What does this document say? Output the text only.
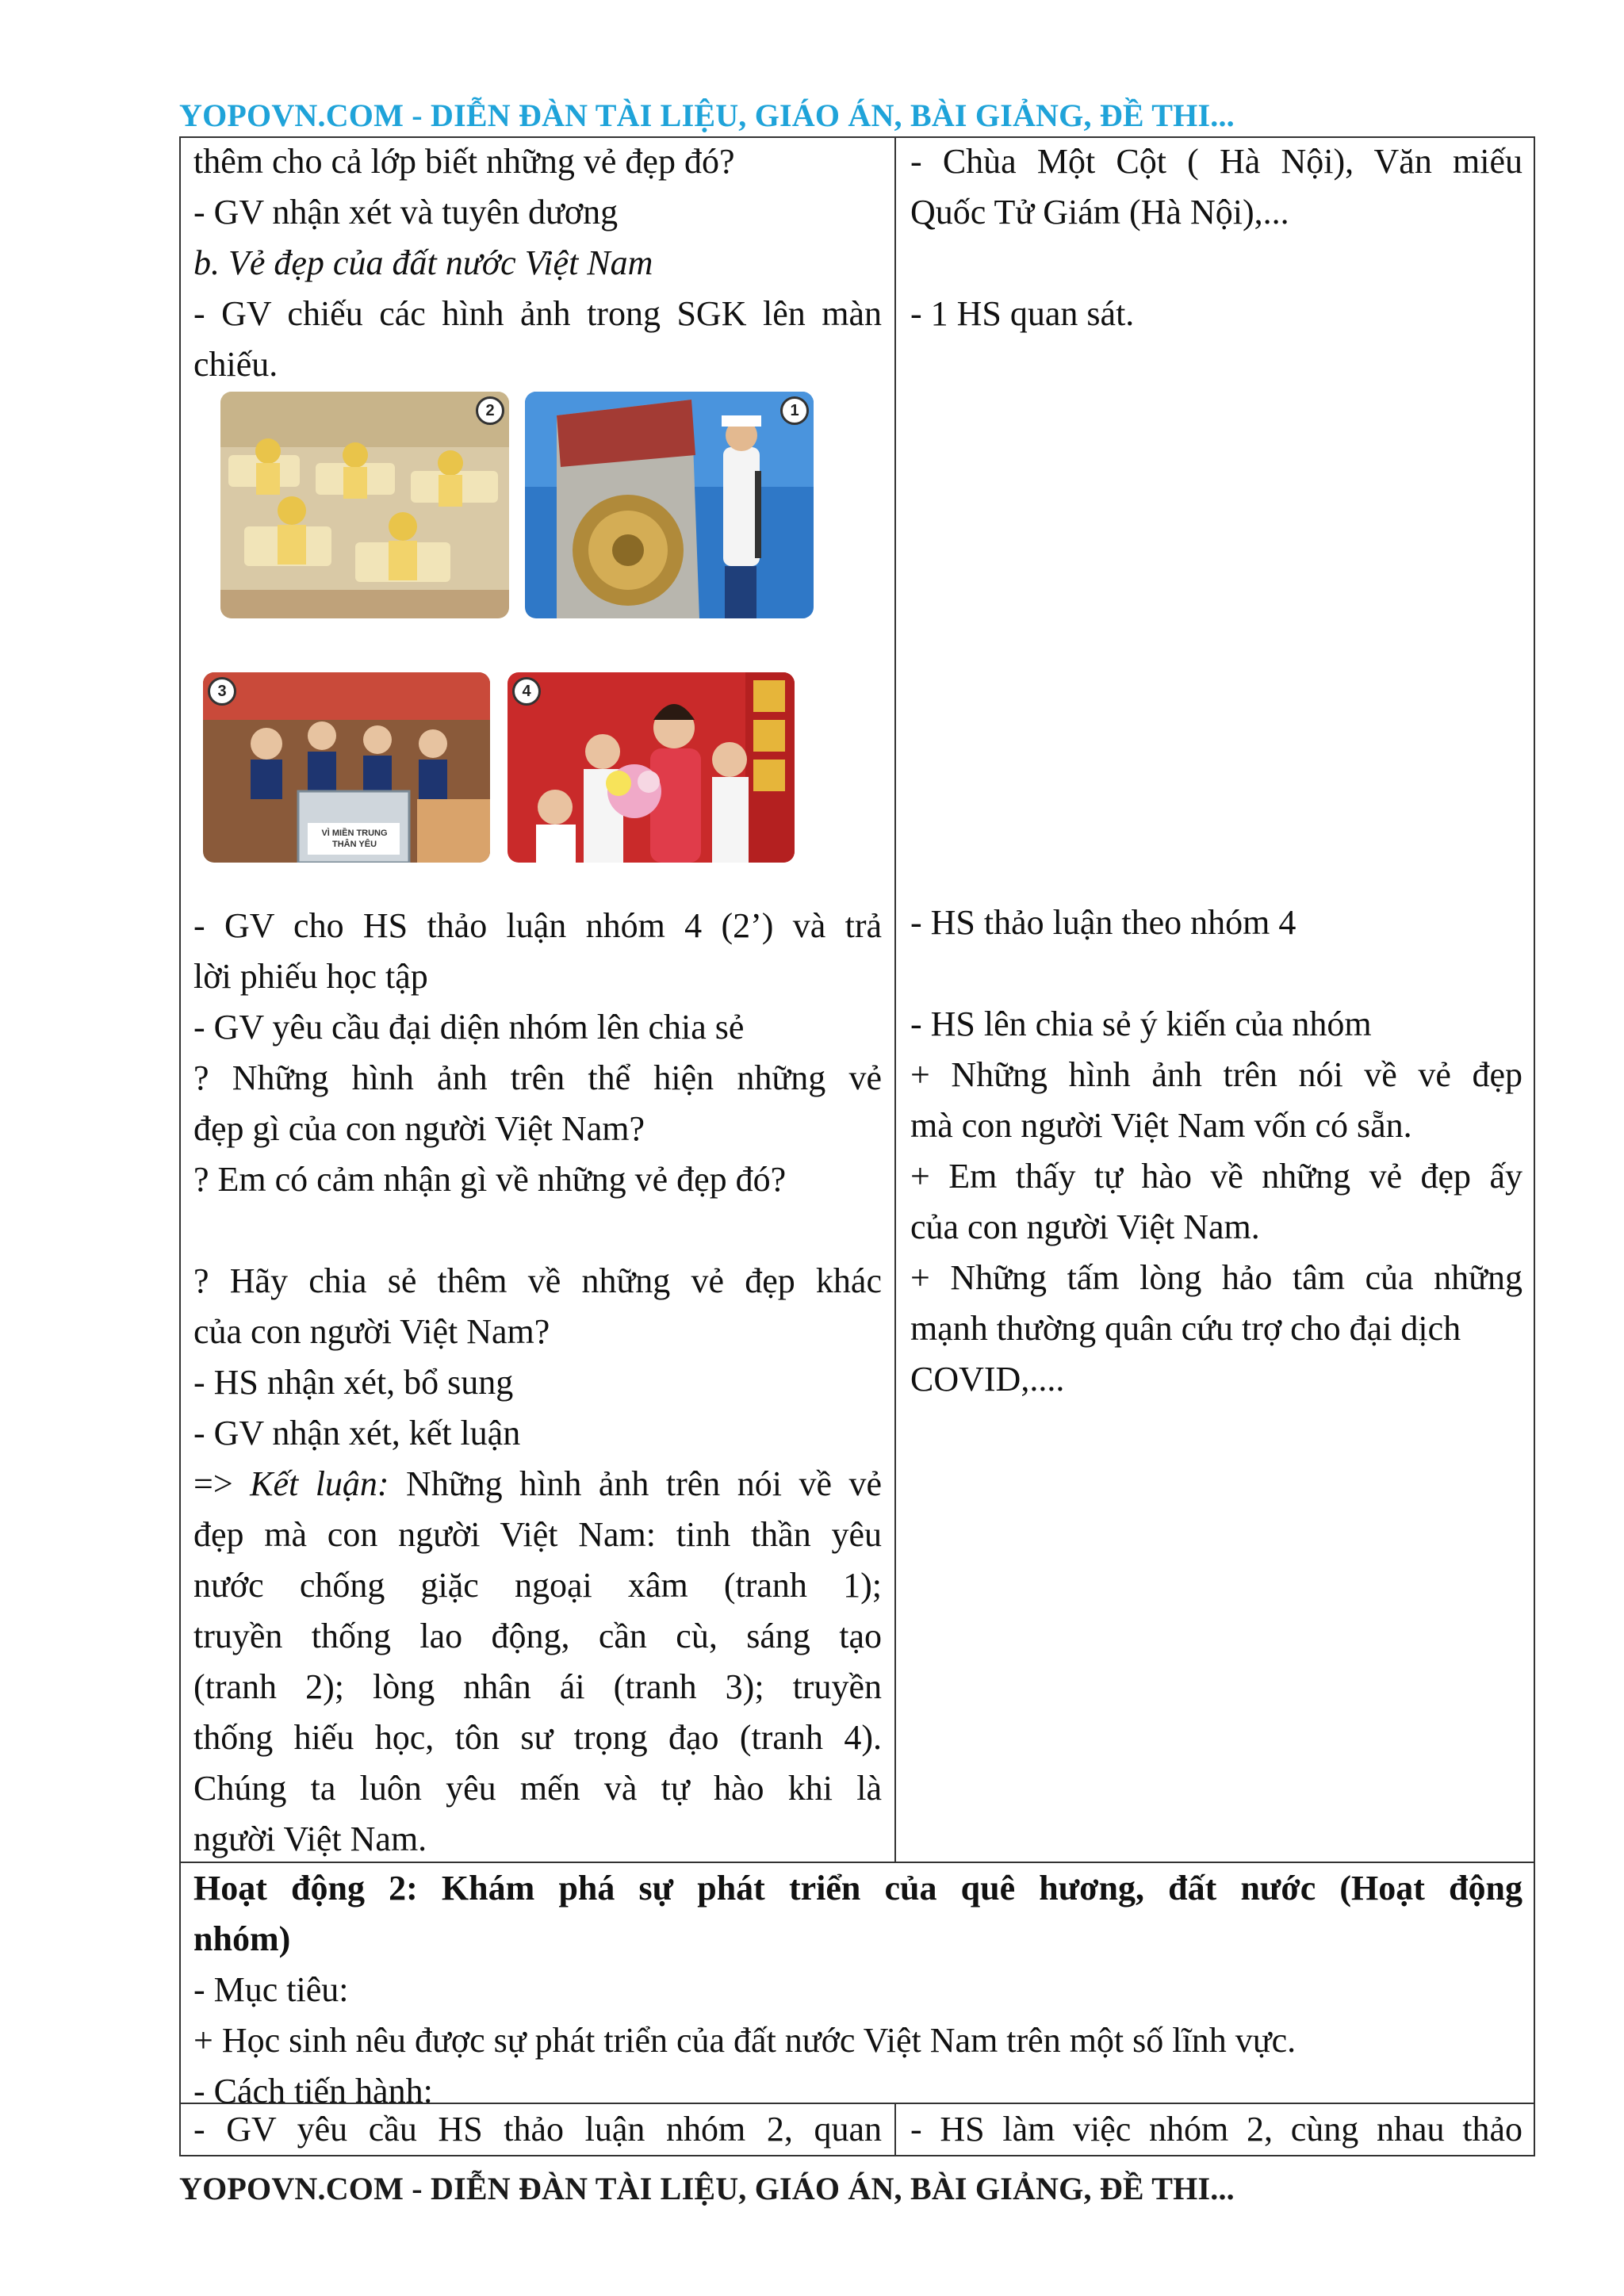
YOPOVN.COM - DIỄN ĐÀN TÀI LIỆU, GIÁO ÁN, BÀI GIẢNG, ĐỀ THI...

thêm cho cả lớp biết những vẻ đẹp đó?

- GV nhận xét và tuyên dương

b. Vẻ đẹp của đất nước Việt Nam

- GV chiếu các hình ảnh trong SGK lên màn

chiếu.

2	1
3
VÌ MIỀN TRUNG THÂN YÊU
4

- GV cho HS thảo luận nhóm 4 (2’) và trả

lời phiếu học tập

- GV yêu cầu đại diện nhóm lên chia sẻ

? Những hình ảnh trên thể hiện những vẻ

đẹp gì của con người Việt Nam?

? Em có cảm nhận gì về những vẻ đẹp đó?

? Hãy chia sẻ thêm về những vẻ đẹp khác

của con người Việt Nam?

- HS nhận xét, bổ sung

- GV nhận xét, kết luận

=> Kết luận: Những hình ảnh trên nói về vẻ

đẹp mà con người Việt Nam: tinh thần yêu

nước chống giặc ngoại xâm (tranh 1);

truyền thống lao động, cần cù, sáng tạo

(tranh 2); lòng nhân ái (tranh 3); truyền

thống hiếu học, tôn sư trọng đạo (tranh 4).

Chúng ta luôn yêu mến và tự hào khi là

người Việt Nam.

- Chùa Một Cột ( Hà Nội), Văn miếu

Quốc Tử Giám (Hà Nội),...

- 1 HS quan sát.

- HS thảo luận theo nhóm 4

- HS lên chia sẻ ý kiến của nhóm

+ Những hình ảnh trên nói về vẻ đẹp

mà con người Việt Nam vốn có sẵn.

+ Em thấy tự hào về những vẻ đẹp ấy

của con người Việt Nam.

+ Những tấm lòng hảo tâm của những

mạnh thường quân cứu trợ cho đại dịch

COVID,....

Hoạt động 2: Khám phá sự phát triển của quê hương, đất nước (Hoạt động

nhóm)

- Mục tiêu:

+ Học sinh nêu được sự phát triển của đất nước Việt Nam trên một số lĩnh vực.

- Cách tiến hành:

- GV yêu cầu HS thảo luận nhóm 2, quan - HS làm việc nhóm 2, cùng nhau thảo

YOPOVN.COM - DIỄN ĐÀN TÀI LIỆU, GIÁO ÁN, BÀI GIẢNG, ĐỀ THI...
